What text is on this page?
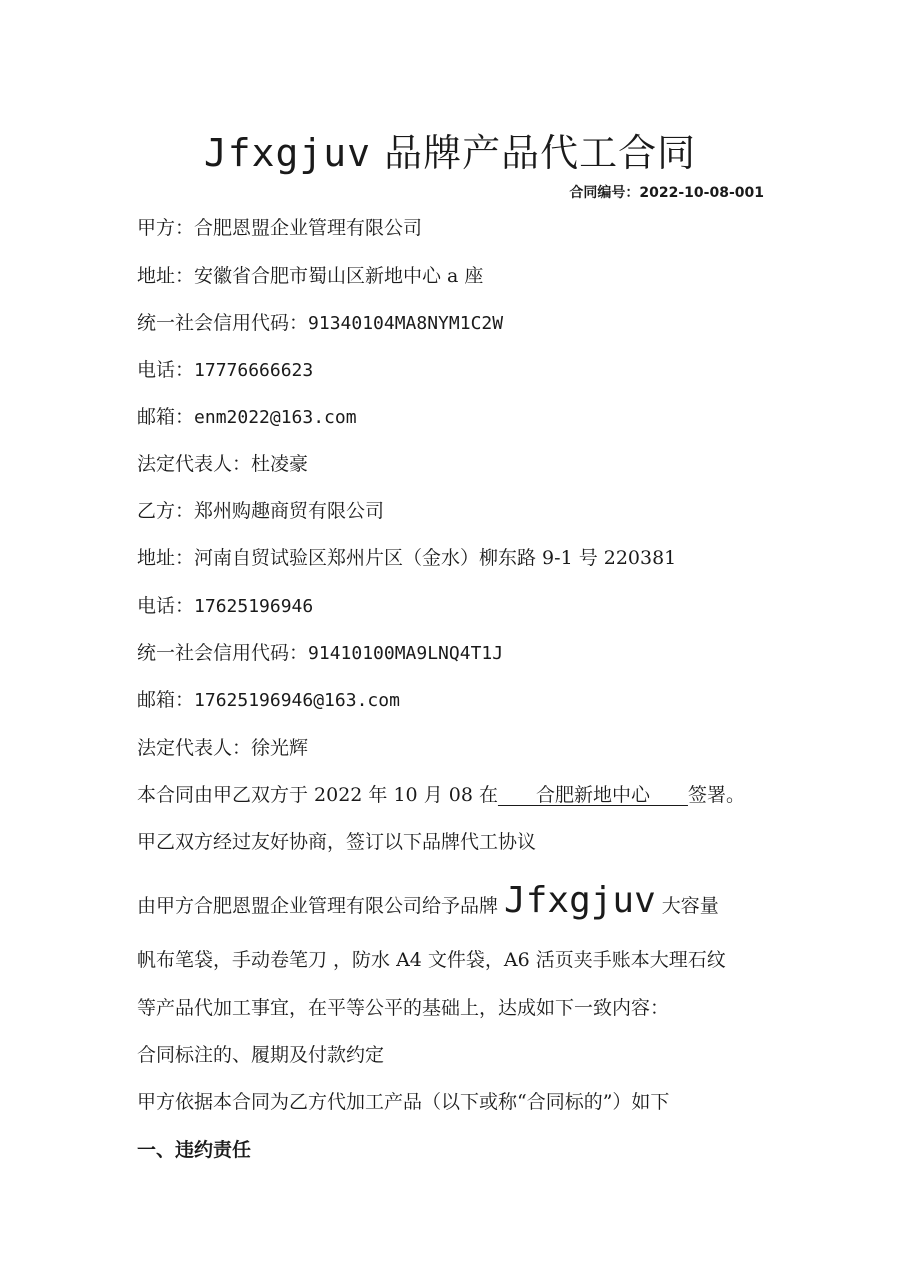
Jfxgjuv 品牌产品代工合同
合同编号：2022-10-08-001
甲方：合肥恩盟企业管理有限公司
地址：安徽省合肥市蜀山区新地中心 a 座
统一社会信用代码：91340104MA8NYM1C2W
电话：17776666623
邮箱：enm2022@163.com
法定代表人：杜凌豪
乙方：郑州购趣商贸有限公司
地址：河南自贸试验区郑州片区（金水）柳东路 9-1 号 220381
电话：17625196946
统一社会信用代码：91410100MA9LNQ4T1J
邮箱：17625196946@163.com
法定代表人：徐光辉
本合同由甲乙双方于 2022 年 10 月 08 在　　合肥新地中心　　签署。
甲乙双方经过友好协商，签订以下品牌代工协议
由甲方合肥恩盟企业管理有限公司给予品牌 Jfxgjuv 大容量
帆布笔袋，手动卷笔刀 ，防水 A4 文件袋，A6 活页夹手账本大理石纹
等产品代加工事宜，在平等公平的基础上，达成如下一致内容：
合同标注的、履期及付款约定
甲方依据本合同为乙方代加工产品（以下或称“合同标的”）如下
一、违约责任
